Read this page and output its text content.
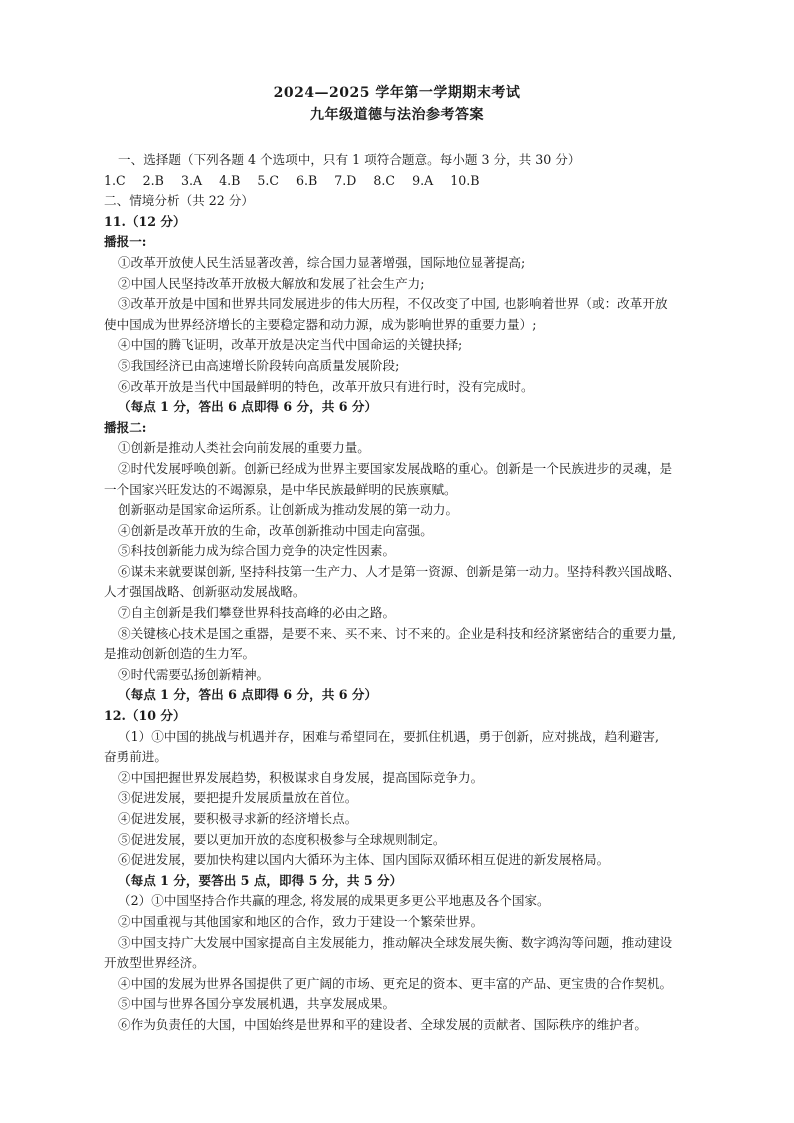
2024—2025 学年第一学期期末考试
九年级道德与法治参考答案
一、选择题（下列各题 4 个选项中，只有 1 项符合题意。每小题 3 分，共 30 分）
1.C 2.B 3.A 4.B 5.C 6.B 7.D 8.C 9.A 10.B
二、情境分析（共 22 分）
11.（12 分）
播报一:
①改革开放使人民生活显著改善，综合国力显著增强，国际地位显著提高;
②中国人民坚持改革开放极大解放和发展了社会生产力;
③改革开放是中国和世界共同发展进步的伟大历程，不仅改变了中国, 也影响着世界（或：改革开放
使中国成为世界经济增长的主要稳定器和动力源，成为影响世界的重要力量）;
④中国的腾飞证明，改革开放是决定当代中国命运的关键抉择;
⑤我国经济已由高速增长阶段转向高质量发展阶段;
⑥改革开放是当代中国最鲜明的特色，改革开放只有进行时，没有完成时。
（每点 1 分，答出 6 点即得 6 分，共 6 分）
播报二:
①创新是推动人类社会向前发展的重要力量。
②时代发展呼唤创新。创新已经成为世界主要国家发展战略的重心。创新是一个民族进步的灵魂，是
一个国家兴旺发达的不竭源泉，是中华民族最鲜明的民族禀赋。
创新驱动是国家命运所系。让创新成为推动发展的第一动力。
④创新是改革开放的生命，改革创新推动中国走向富强。
⑤科技创新能力成为综合国力竞争的决定性因素。
⑥谋未来就要谋创新, 坚持科技第一生产力、人才是第一资源、创新是第一动力。坚持科教兴国战略、
人才强国战略、创新驱动发展战略。
⑦自主创新是我们攀登世界科技高峰的必由之路。
⑧关键核心技术是国之重器，是要不来、买不来、讨不来的。企业是科技和经济紧密结合的重要力量,
是推动创新创造的生力军。
⑨时代需要弘扬创新精神。
（每点 1 分，答出 6 点即得 6 分，共 6 分）
12.（10 分）
（1）①中国的挑战与机遇并存，困难与希望同在，要抓住机遇，勇于创新，应对挑战，趋利避害,
奋勇前进。
②中国把握世界发展趋势，积极谋求自身发展，提高国际竞争力。
③促进发展，要把提升发展质量放在首位。
④促进发展，要积极寻求新的经济增长点。
⑤促进发展，要以更加开放的态度积极参与全球规则制定。
⑥促进发展，要加快构建以国内大循环为主体、国内国际双循环相互促进的新发展格局。
（每点 1 分，要答出 5 点，即得 5 分，共 5 分）
（2）①中国坚持合作共赢的理念, 将发展的成果更多更公平地惠及各个国家。
②中国重视与其他国家和地区的合作，致力于建设一个繁荣世界。
③中国支持广大发展中国家提高自主发展能力，推动解决全球发展失衡、数字鸿沟等问题，推动建设
开放型世界经济。
④中国的发展为世界各国提供了更广阔的市场、更充足的资本、更丰富的产品、更宝贵的合作契机。
⑤中国与世界各国分享发展机遇，共享发展成果。
⑥作为负责任的大国，中国始终是世界和平的建设者、全球发展的贡献者、国际秩序的维护者。
